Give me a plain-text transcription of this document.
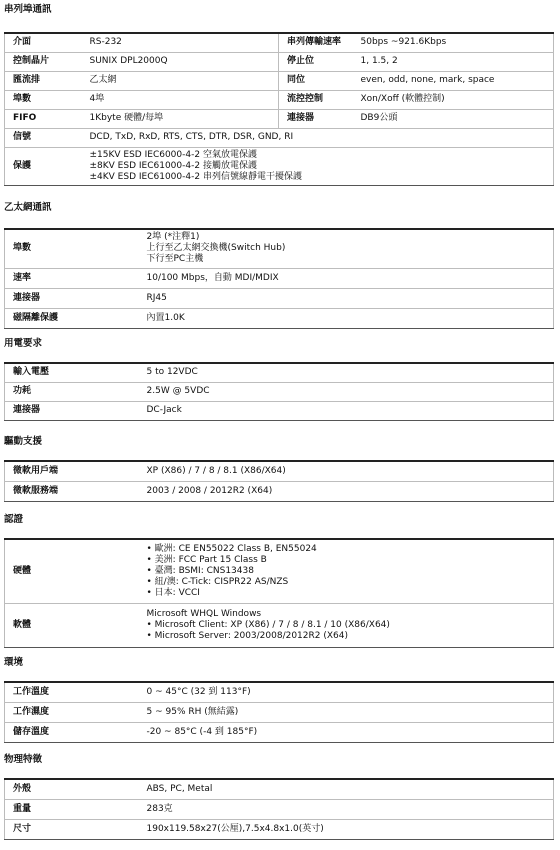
串列埠通訊
介面	RS-232	串列傳輸速率	50bps ~921.6Kbps
控制晶片	SUNIX DPL2000Q	停止位	1, 1.5, 2
匯流排	乙太網	同位	even, odd, none, mark, space
埠數	4埠	流控控制	Xon/Xoff (軟體控制)
FIFO	1Kbyte 硬體/每埠	連接器	DB9公頭
信號	DCD, TxD, RxD, RTS, CTS, DTR, DSR, GND, RI		
保護	±15KV ESD IEC6000-4-2 空氣放電保護
±8KV ESD IEC61000-4-2 接觸放電保護
±4KV ESD IEC61000-4-2 串列信號線靜電干擾保護		
乙太網通訊
埠數	2埠 (*注釋1)
上行至乙太網交換機(Switch Hub)
下行至PC主機

速率	10/100 Mbps，自動 MDI/MDIX
連接器	RJ45
磁隔離保護	內置1.0K
用電要求
輸入電壓	5 to 12VDC
功耗	2.5W @ 5VDC
連接器	DC-Jack
驅動支援
微軟用戶端	XP (X86) / 7 / 8 / 8.1 (X86/X64)
微軟服務端	2003 / 2008 / 2012R2 (X64)
認證
硬體	• 歐洲: CE EN55022 Class B, EN55024
• 美洲: FCC Part 15 Class B
• 臺灣: BSMI: CNS13438
• 紐/澳: C-Tick: CISPR22 AS/NZS
• 日本: VCCI

軟體	Microsoft WHQL Windows
• Microsoft Client: XP (X86) / 7 / 8 / 8.1 / 10 (X86/X64)
• Microsoft Server: 2003/2008/2012R2 (X64)
環境
工作溫度	0 ~ 45°C (32 到 113°F)
工作濕度	5 ~ 95% RH (無結露)
儲存溫度	-20 ~ 85°C (-4 到 185°F)
物理特徵
外殼	ABS, PC, Metal
重量	283克
尺寸	190x119.58x27(公厘),7.5x4.8x1.0(英寸)
